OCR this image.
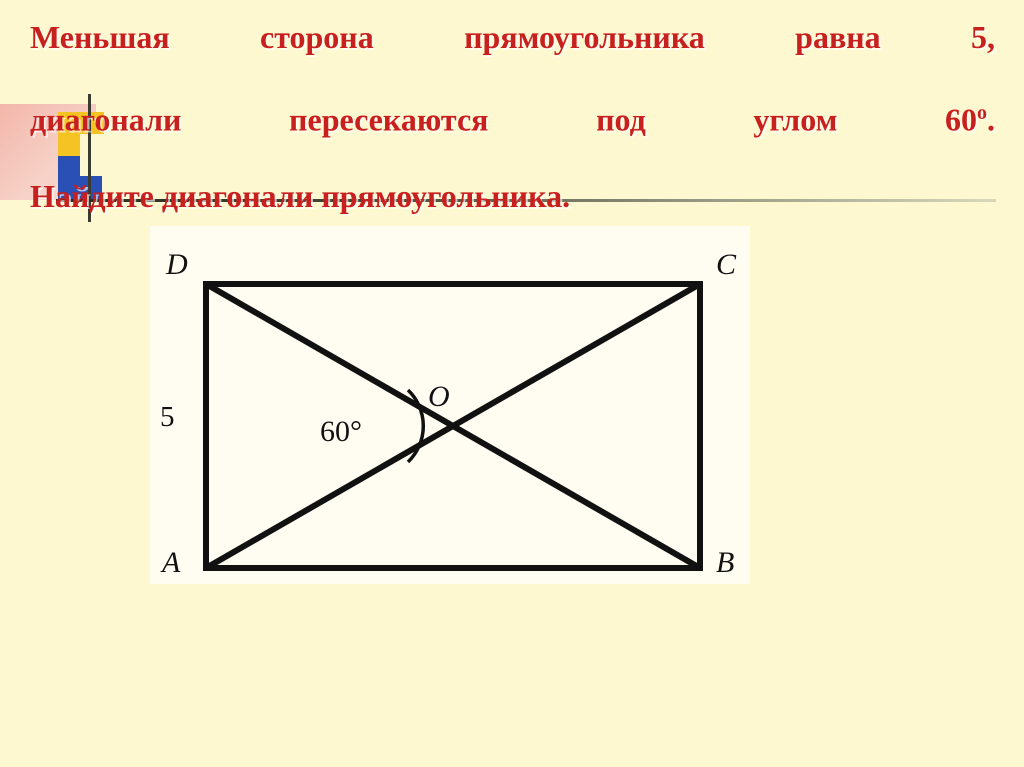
Меньшая сторона прямоугольника равна 5,
диагонали пересекаются под углом $60^о$.
Найдите диагонали прямоугольника.
D	C
A	B
O
5	60°
